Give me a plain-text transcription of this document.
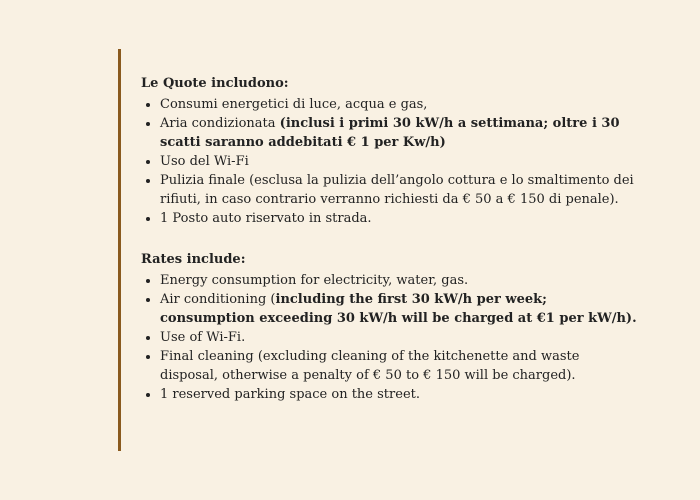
Le Quote includono:
Consumi energetici di luce, acqua e gas,
Aria condizionata (inclusi i primi 30 kW/h a settimana; oltre i 30 scatti saranno addebitati € 1 per Kw/h)
Uso del Wi-Fi
Pulizia finale (esclusa la pulizia dell’angolo cottura e lo smaltimento dei rifiuti, in caso contrario verranno richiesti da € 50 a € 150 di penale).
1 Posto auto riservato in strada.
Rates include:
Energy consumption for electricity, water, gas.
Air conditioning (including the first 30 kW/h per week; consumption exceeding 30 kW/h will be charged at €1 per kW/h).
Use of Wi-Fi.
Final cleaning (excluding cleaning of the kitchenette and waste disposal, otherwise a penalty of € 50 to € 150 will be charged).
1 reserved parking space on the street.
